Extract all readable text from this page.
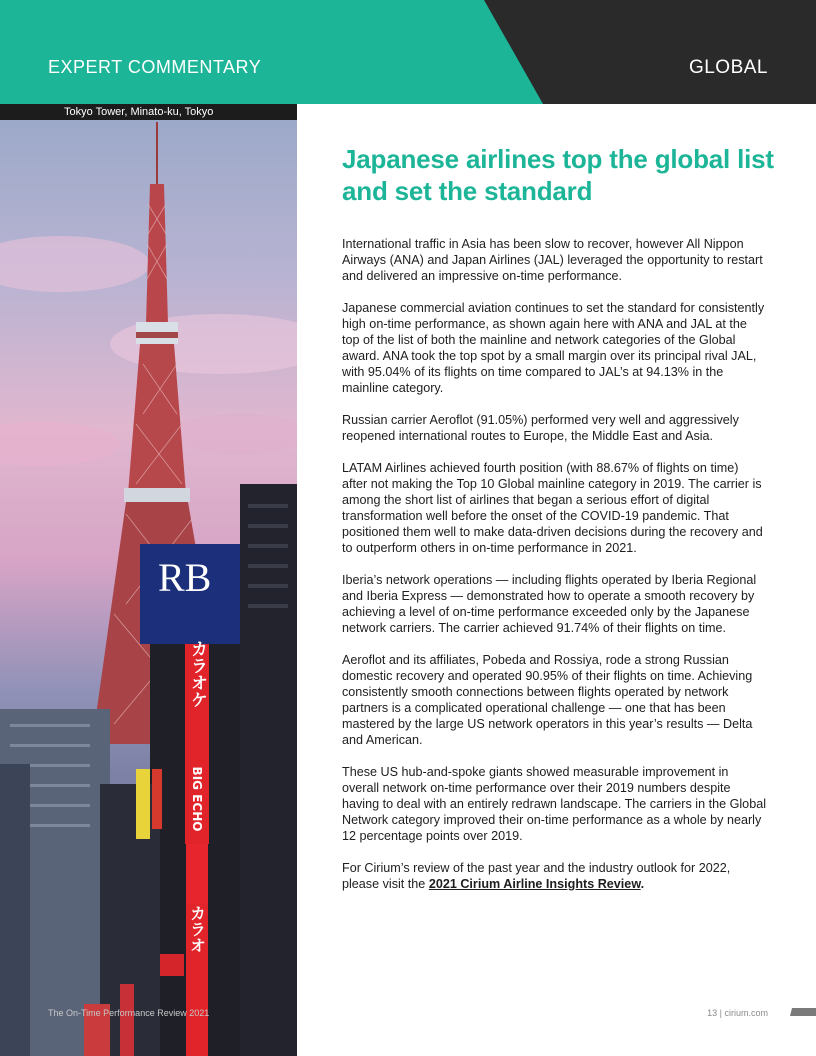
EXPERT COMMENTARY	GLOBAL
RB
カラオケ
BIG ECHO
カラオ
Tokyo Tower, Minato-ku, Tokyo
Japanese airlines top the global list and set the standard

International traffic in Asia has been slow to recover, however All Nippon Airways (ANA) and Japan Airlines (JAL) leveraged the opportunity to restart and delivered an impressive on-time performance.

Japanese commercial aviation continues to set the standard for consistently high on-time performance, as shown again here with ANA and JAL at the top of the list of both the mainline and network categories of the Global award. ANA took the top spot by a small margin over its principal rival JAL, with 95.04% of its flights on time compared to JAL’s at 94.13% in the mainline category.

Russian carrier Aeroflot (91.05%) performed very well and aggressively reopened international routes to Europe, the Middle East and Asia.

LATAM Airlines achieved fourth position (with 88.67% of flights on time) after not making the Top 10 Global mainline category in 2019. The carrier is among the short list of airlines that began a serious effort of digital transformation well before the onset of the COVID-19 pandemic. That positioned them well to make data-driven decisions during the recovery and to outperform others in on-time performance in 2021.

Iberia’s network operations — including flights operated by Iberia Regional and Iberia Express — demonstrated how to operate a smooth recovery by achieving a level of on-time performance exceeded only by the Japanese network carriers. The carrier achieved 91.74% of their flights on time.

Aeroflot and its affiliates, Pobeda and Rossiya, rode a strong Russian domestic recovery and operated 90.95% of their flights on time. Achieving consistently smooth connections between flights operated by network partners is a complicated operational challenge — one that has been mastered by the large US network operators in this year’s results — Delta and American.

These US hub-and-spoke giants showed measurable improvement in overall network on-time performance over their 2019 numbers despite having to deal with an entirely redrawn landscape. The carriers in the Global Network category improved their on-time performance as a whole by nearly 12 percentage points over 2019.

For Cirium’s review of the past year and the industry outlook for 2022, please visit the 2021 Cirium Airline Insights Review.

The On-Time Performance Review 2021	13 | cirium.com
